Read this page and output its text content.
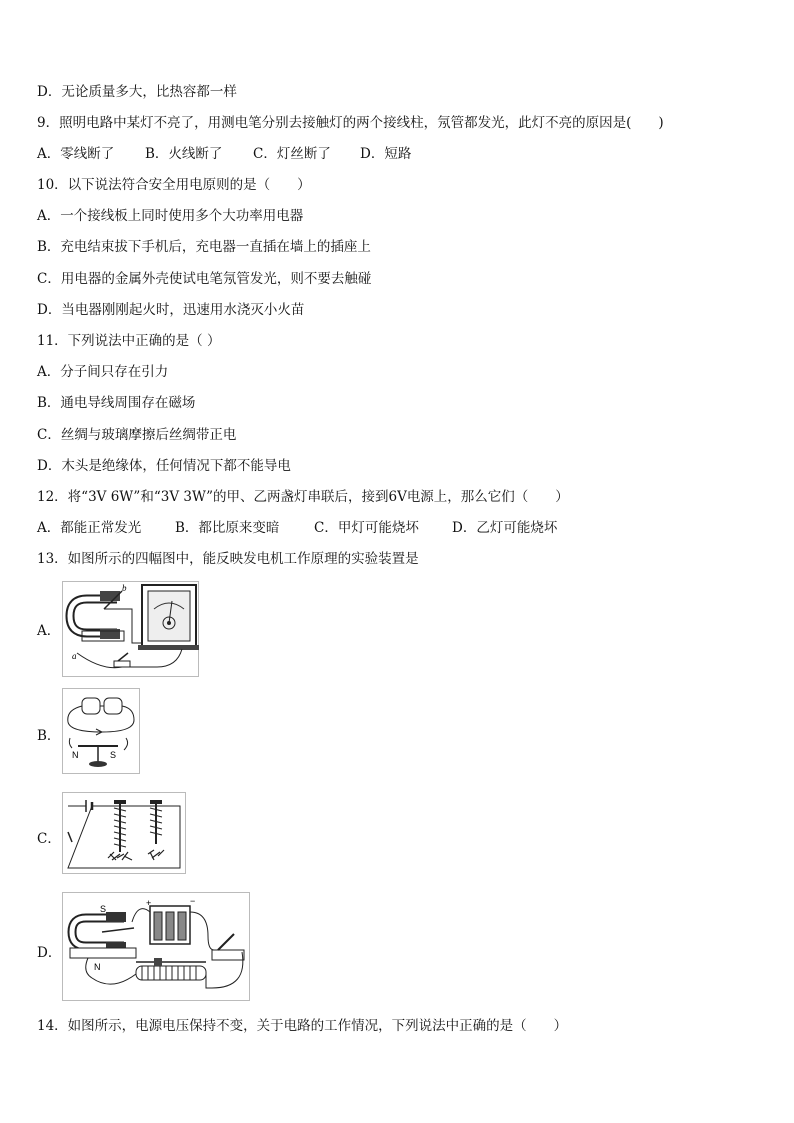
D．无论质量多大，比热容都一样
9．照明电路中某灯不亮了，用测电笔分别去接触灯的两个接线柱，氖管都发光，此灯不亮的原因是(　　)
A．零线断了 B．火线断了 C．灯丝断了 D．短路
10．以下说法符合安全用电原则的是（　　）
A．一个接线板上同时使用多个大功率用电器
B．充电结束拔下手机后，充电器一直插在墙上的插座上
C．用电器的金属外壳使试电笔氖管发光，则不要去触碰
D．当电器刚刚起火时，迅速用水浇灭小火苗
11．下列说法中正确的是（ ）
A．分子间只存在引力
B．通电导线周围存在磁场
C．丝绸与玻璃摩擦后丝绸带正电
D．木头是绝缘体，任何情况下都不能导电
12．将“3V 6W”和“3V 3W”的甲、乙两盏灯串联后，接到6V电源上，那么它们（　　）
A．都能正常发光	B．都比原来变暗	C．甲灯可能烧坏 D．乙灯可能烧坏
13．如图所示的四幅图中，能反映发电机工作原理的实验装置是
A．
b
a
B．
N	S
C．
D．
S
N
+	−
14．如图所示，电源电压保持不变，关于电路的工作情况，下列说法中正确的是（　　）
